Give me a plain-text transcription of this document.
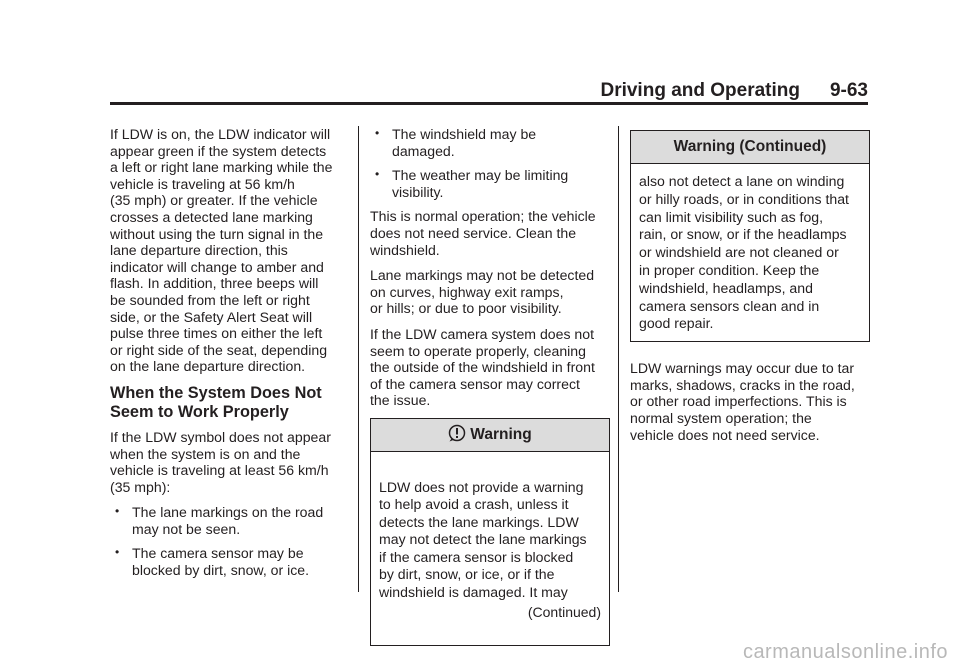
Driving and Operating 9-63

If LDW is on, the LDW indicator will
appear green if the system detects
a left or right lane marking while the
vehicle is traveling at 56 km/h
(35 mph) or greater. If the vehicle
crosses a detected lane marking
without using the turn signal in the
lane departure direction, this
indicator will change to amber and
flash. In addition, three beeps will
be sounded from the left or right
side, or the Safety Alert Seat will
pulse three times on either the left
or right side of the seat, depending
on the lane departure direction.

When the System Does Not
Seem to Work Properly

If the LDW symbol does not appear
when the system is on and the
vehicle is traveling at least 56 km/h
(35 mph):

• The lane markings on the road
may not be seen.
• The camera sensor may be
blocked by dirt, snow, or ice.
• The windshield may be
damaged.
• The weather may be limiting
visibility.

This is normal operation; the vehicle
does not need service. Clean the
windshield.

Lane markings may not be detected
on curves, highway exit ramps,
or hills; or due to poor visibility.

If the LDW camera system does not
seem to operate properly, cleaning
the outside of the windshield in front
of the camera sensor may correct
the issue.

Warning

LDW does not provide a warning
to help avoid a crash, unless it
detects the lane markings. LDW
may not detect the lane markings
if the camera sensor is blocked
by dirt, snow, or ice, or if the
windshield is damaged. It may

(Continued)

Warning (Continued)
also not detect a lane on winding
or hilly roads, or in conditions that
can limit visibility such as fog,
rain, or snow, or if the headlamps
or windshield are not cleaned or
in proper condition. Keep the
windshield, headlamps, and
camera sensors clean and in
good repair.

LDW warnings may occur due to tar
marks, shadows, cracks in the road,
or other road imperfections. This is
normal system operation; the
vehicle does not need service.

carmanualsonline.info
